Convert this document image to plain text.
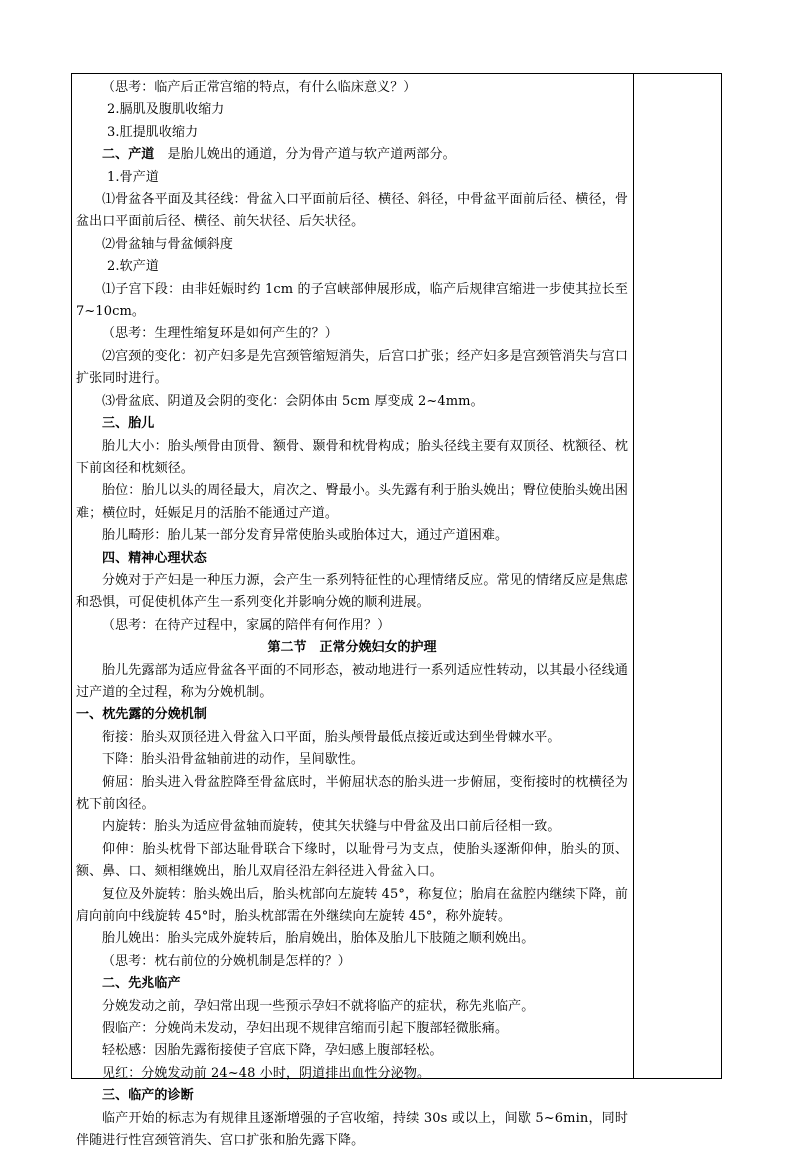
（思考：临产后正常宫缩的特点，有什么临床意义？）

2.膈肌及腹肌收缩力

3.肛提肌收缩力

二、产道　 是胎儿娩出的通道，分为骨产道与软产道两部分。

1.骨产道

⑴骨盆各平面及其径线：骨盆入口平面前后径、横径、斜径，中骨盆平面前后径、横径，骨盆出口平面前后径、横径、前矢状径、后矢状径。

⑵骨盆轴与骨盆倾斜度

2.软产道

⑴子宫下段：由非妊娠时约 1cm 的子宫峡部伸展形成，临产后规律宫缩进一步使其拉长至 7~10cm。

（思考：生理性缩复环是如何产生的？）

⑵宫颈的变化：初产妇多是先宫颈管缩短消失，后宫口扩张；经产妇多是宫颈管消失与宫口扩张同时进行。

⑶骨盆底、阴道及会阴的变化：会阴体由 5cm 厚变成 2~4mm。

三、胎儿

胎儿大小：胎头颅骨由顶骨、额骨、颞骨和枕骨构成；胎头径线主要有双顶径、枕额径、枕下前囟径和枕颏径。

胎位：胎儿以头的周径最大，肩次之、臀最小。头先露有利于胎头娩出；臀位使胎头娩出困难；横位时，妊娠足月的活胎不能通过产道。

胎儿畸形：胎儿某一部分发育异常使胎头或胎体过大，通过产道困难。

四、精神心理状态

分娩对于产妇是一种压力源，会产生一系列特征性的心理情绪反应。常见的情绪反应是焦虑和恐惧，可促使机体产生一系列变化并影响分娩的顺利进展。

（思考：在待产过程中，家属的陪伴有何作用？）

第二节　正常分娩妇女的护理

胎儿先露部为适应骨盆各平面的不同形态，被动地进行一系列适应性转动，以其最小径线通过产道的全过程，称为分娩机制。

一、枕先露的分娩机制

衔接：胎头双顶径进入骨盆入口平面，胎头颅骨最低点接近或达到坐骨棘水平。

下降：胎头沿骨盆轴前进的动作，呈间歇性。

俯屈：胎头进入骨盆腔降至骨盆底时，半俯屈状态的胎头进一步俯屈，变衔接时的枕横径为枕下前囟径。

内旋转：胎头为适应骨盆轴而旋转，使其矢状缝与中骨盆及出口前后径相一致。

仰伸：胎头枕骨下部达耻骨联合下缘时，以耻骨弓为支点，使胎头逐渐仰伸，胎头的顶、额、鼻、口、颏相继娩出，胎儿双肩径沿左斜径进入骨盆入口。

复位及外旋转：胎头娩出后，胎头枕部向左旋转 45°，称复位；胎肩在盆腔内继续下降，前肩向前向中线旋转 45°时，胎头枕部需在外继续向左旋转 45°，称外旋转。

胎儿娩出：胎头完成外旋转后，胎肩娩出，胎体及胎儿下肢随之顺利娩出。

（思考：枕右前位的分娩机制是怎样的？）

二、先兆临产

分娩发动之前，孕妇常出现一些预示孕妇不就将临产的症状，称先兆临产。

假临产：分娩尚未发动，孕妇出现不规律宫缩而引起下腹部轻微胀痛。

轻松感：因胎先露衔接使子宫底下降，孕妇感上腹部轻松。

见红：分娩发动前 24~48 小时，阴道排出血性分泌物。

三、临产的诊断

临产开始的标志为有规律且逐渐增强的子宫收缩，持续 30s 或以上，间歇 5~6min，同时伴随进行性宫颈管消失、宫口扩张和胎先露下降。
